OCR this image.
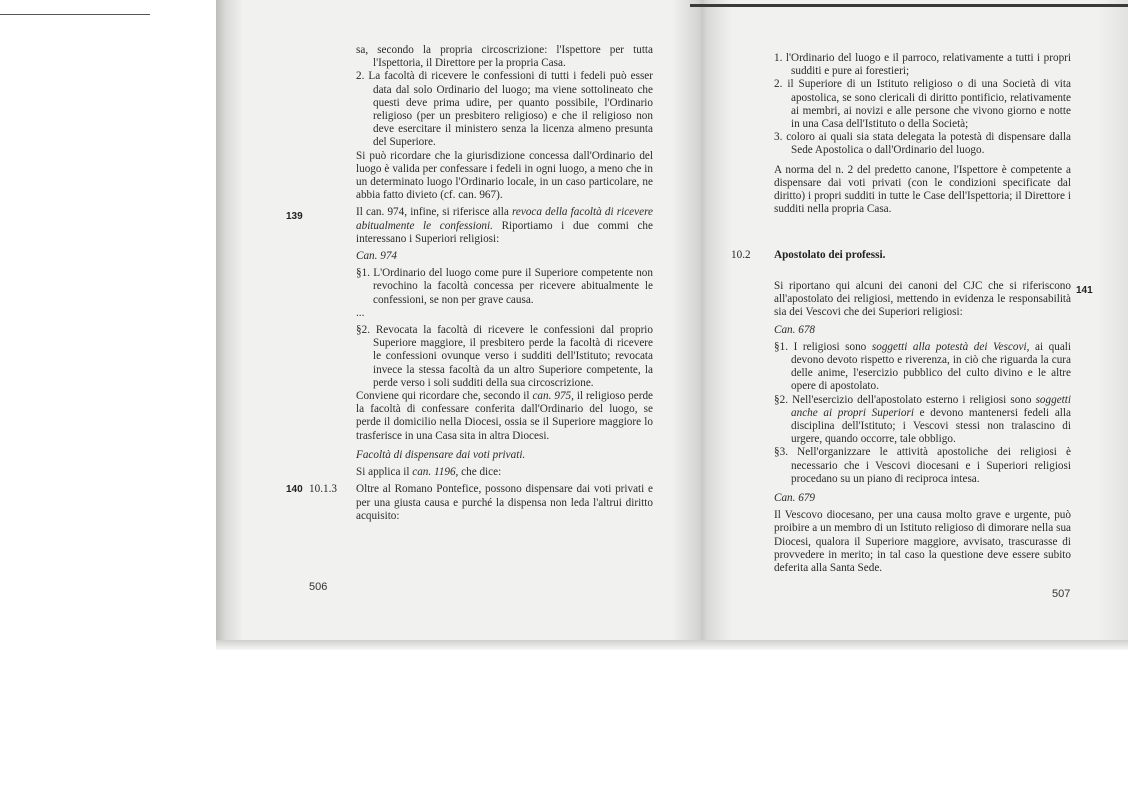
sa, secondo la propria circoscrizione: l'Ispettore per tutta l'Ispettoria, il Direttore per la propria Casa.

2. La facoltà di ricevere le confessioni di tutti i fedeli può esser data dal solo Ordinario del luogo; ma viene sottolineato che questi deve prima udire, per quanto possibile, l'Ordinario religioso (per un presbitero religioso) e che il religioso non deve esercitare il ministero senza la licenza almeno presunta del Superiore.

Si può ricordare che la giurisdizione concessa dall'Ordinario del luogo è valida per confessare i fedeli in ogni luogo, a meno che in un determinato luogo l'Ordinario locale, in un caso particolare, ne abbia fatto divieto (cf. can. 967).

Il can. 974, infine, si riferisce alla revoca della facoltà di ricevere abitualmente le confessioni. Riportiamo i due commi che interessano i Superiori religiosi:

Can. 974

§1. L'Ordinario del luogo come pure il Superiore competente non revochino la facoltà concessa per ricevere abitualmente le confessioni, se non per grave causa.

...

§2. Revocata la facoltà di ricevere le confessioni dal proprio Superiore maggiore, il presbitero perde la facoltà di ricevere le confessioni ovunque verso i sudditi dell'Istituto; revocata invece la stessa facoltà da un altro Superiore competente, la perde verso i soli sudditi della sua circoscrizione.

Conviene qui ricordare che, secondo il can. 975, il religioso perde la facoltà di confessare conferita dall'Ordinario del luogo, se perde il domicilio nella Diocesi, ossia se il Superiore maggiore lo trasferisce in una Casa sita in altra Diocesi.

Facoltà di dispensare dai voti privati.

Si applica il can. 1196, che dice:

Oltre al Romano Pontefice, possono dispensare dai voti privati e per una giusta causa e purché la dispensa non leda l'altrui diritto acquisito:

139
140 10.1.3
506

1. l'Ordinario del luogo e il parroco, relativamente a tutti i propri sudditi e pure ai forestieri;

2. il Superiore di un Istituto religioso o di una Società di vita apostolica, se sono clericali di diritto pontificio, relativamente ai membri, ai novizi e alle persone che vivono giorno e notte in una Casa dell'Istituto o della Società;

3. coloro ai quali sia stata delegata la potestà di dispensare dalla Sede Apostolica o dall'Ordinario del luogo.

A norma del n. 2 del predetto canone, l'Ispettore è competente a dispensare dai voti privati (con le condizioni specificate dal diritto) i propri sudditi in tutte le Case dell'Ispettoria; il Direttore i sudditi nella propria Casa.

10.2 Apostolato dei professi.

Si riportano qui alcuni dei canoni del CJC che si riferiscono all'apostolato dei religiosi, mettendo in evidenza le responsabilità sia dei Vescovi che dei Superiori religiosi:

Can. 678

§1. I religiosi sono soggetti alla potestà dei Vescovi, ai quali devono devoto rispetto e riverenza, in ciò che riguarda la cura delle anime, l'esercizio pubblico del culto divino e le altre opere di apostolato.

§2. Nell'esercizio dell'apostolato esterno i religiosi sono soggetti anche ai propri Superiori e devono mantenersi fedeli alla disciplina dell'Istituto; i Vescovi stessi non tralascino di urgere, quando occorre, tale obbligo.

§3. Nell'organizzare le attività apostoliche dei religiosi è necessario che i Vescovi diocesani e i Superiori religiosi procedano su un piano di reciproca intesa.

Can. 679

Il Vescovo diocesano, per una causa molto grave e urgente, può proibire a un membro di un Istituto religioso di dimorare nella sua Diocesi, qualora il Superiore maggiore, avvisato, trascurasse di provvedere in merito; in tal caso la questione deve essere subito deferita alla Santa Sede.

141
507
